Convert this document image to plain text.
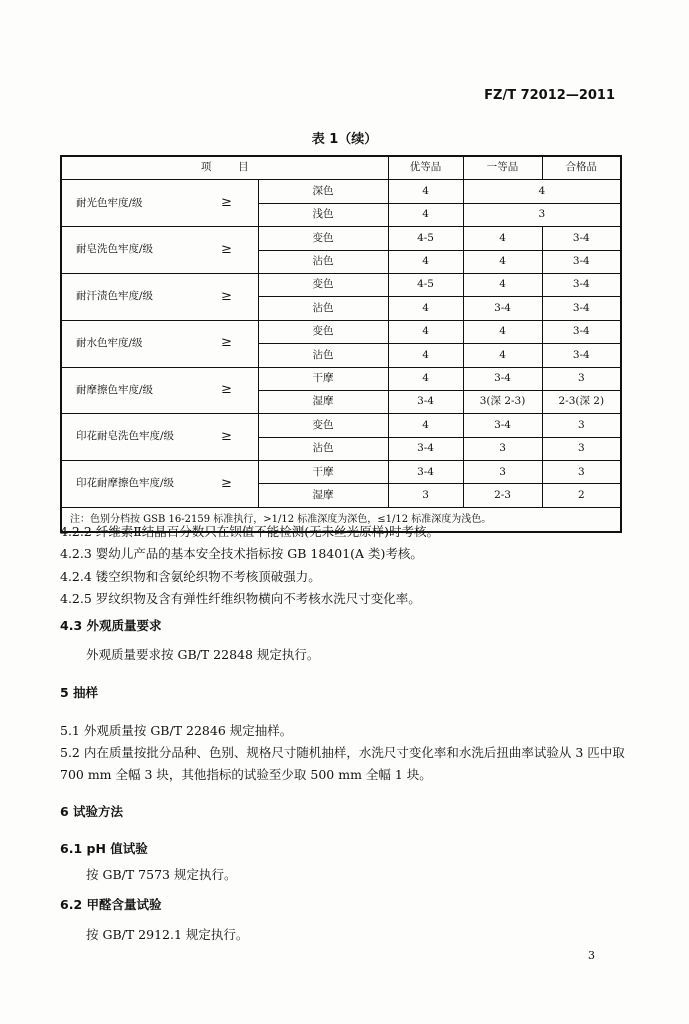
FZ/T 72012—2011
表 1（续）
项        目			优等品	一等品	合格品
耐光色牢度/级	≥	深色	4	4	
		浅色	4	3	
耐皂洗色牢度/级	≥	变色	4-5	4	3-4
		沾色	4	4	3-4
耐汗渍色牢度/级	≥	变色	4-5	4	3-4
		沾色	4	3-4	3-4
耐水色牢度/级	≥	变色	4	4	3-4
		沾色	4	4	3-4
耐摩擦色牢度/级	≥	干摩	4	3-4	3
		湿摩	3-4	3(深 2-3)	2-3(深 2)
印花耐皂洗色牢度/级	≥	变色	4	3-4	3
		沾色	3-4	3	3
印花耐摩擦色牢度/级	≥	干摩	3-4	3	3
		湿摩	3	2-3	2
注：色别分档按 GSB 16-2159 标准执行，>1/12 标准深度为深色，≤1/12 标准深度为浅色。					
4.2.2 纤维素Ⅱ结晶百分数只在钡值不能检测(无未丝光原样)时考核。
4.2.3 婴幼儿产品的基本安全技术指标按 GB 18401(A 类)考核。
4.2.4 镂空织物和含氨纶织物不考核顶破强力。
4.2.5 罗纹织物及含有弹性纤维织物横向不考核水洗尺寸变化率。
4.3 外观质量要求
外观质量要求按 GB/T 22848 规定执行。
5 抽样
5.1 外观质量按 GB/T 22846 规定抽样。
5.2 内在质量按批分品种、色别、规格尺寸随机抽样，水洗尺寸变化率和水洗后扭曲率试验从 3 匹中取
700 mm 全幅 3 块，其他指标的试验至少取 500 mm 全幅 1 块。
6 试验方法
6.1 pH 值试验
按 GB/T 7573 规定执行。
6.2 甲醛含量试验
按 GB/T 2912.1 规定执行。
3
